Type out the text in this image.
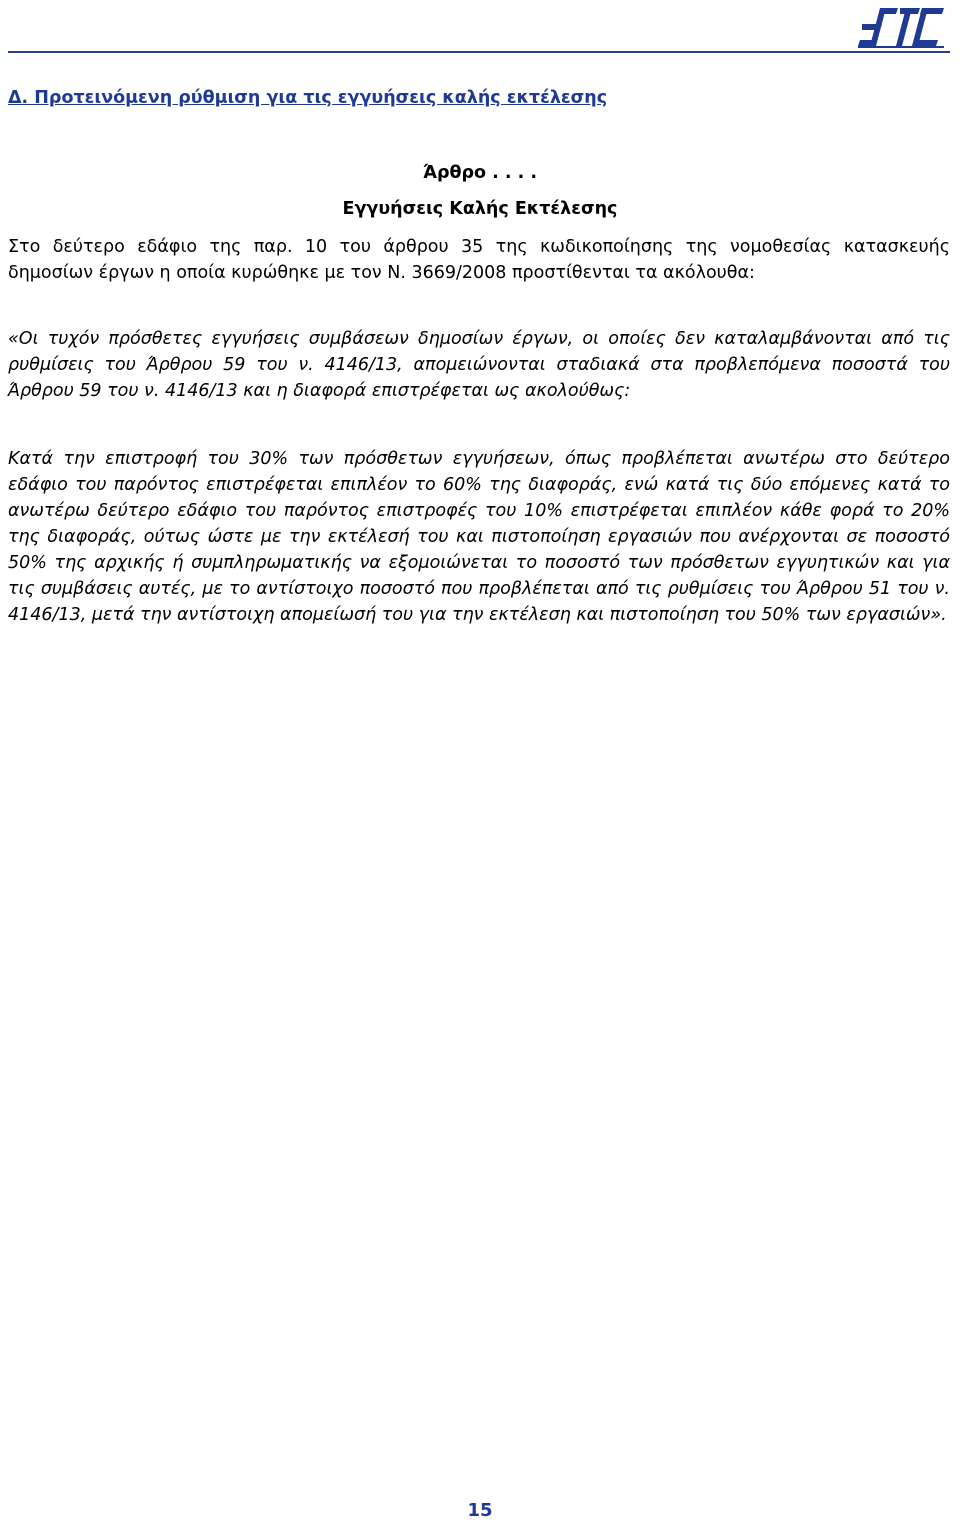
Δ. Προτεινόμενη ρύθμιση για τις εγγυήσεις καλής εκτέλεσης

Άρθρο . . . .

Εγγυήσεις Καλής Εκτέλεσης

Στο δεύτερο εδάφιο της παρ. 10 του άρθρου 35 της κωδικοποίησης της νομοθεσίας κατασκευής δημοσίων έργων η οποία κυρώθηκε με τον Ν. 3669/2008 προστίθενται τα ακόλουθα:

«Οι τυχόν πρόσθετες εγγυήσεις συμβάσεων δημοσίων έργων, οι οποίες δεν καταλαμβάνονται από τις ρυθμίσεις του Άρθρου 59 του ν. 4146/13, απομειώνονται σταδιακά στα προβλεπόμενα ποσοστά του Άρθρου 59 του ν. 4146/13 και η διαφορά επιστρέφεται ως ακολούθως:

Κατά την επιστροφή του 30% των πρόσθετων εγγυήσεων, όπως προβλέπεται ανωτέρω στο δεύτερο εδάφιο του παρόντος επιστρέφεται επιπλέον το 60% της διαφοράς, ενώ κατά τις δύο επόμενες κατά το ανωτέρω δεύτερο εδάφιο του παρόντος επιστροφές του 10% επιστρέφεται επιπλέον κάθε φορά το 20% της διαφοράς, ούτως ώστε με την εκτέλεσή του και πιστοποίηση εργασιών που ανέρχονται σε ποσοστό 50% της αρχικής ή συμπληρωματικής να εξομοιώνεται το ποσοστό των πρόσθετων εγγυητικών και για τις συμβάσεις αυτές, με το αντίστοιχο ποσοστό που προβλέπεται από τις ρυθμίσεις του Άρθρου 51 του ν. 4146/13, μετά την αντίστοιχη απομείωσή του για την εκτέλεση και πιστοποίηση του 50% των εργασιών».

15
